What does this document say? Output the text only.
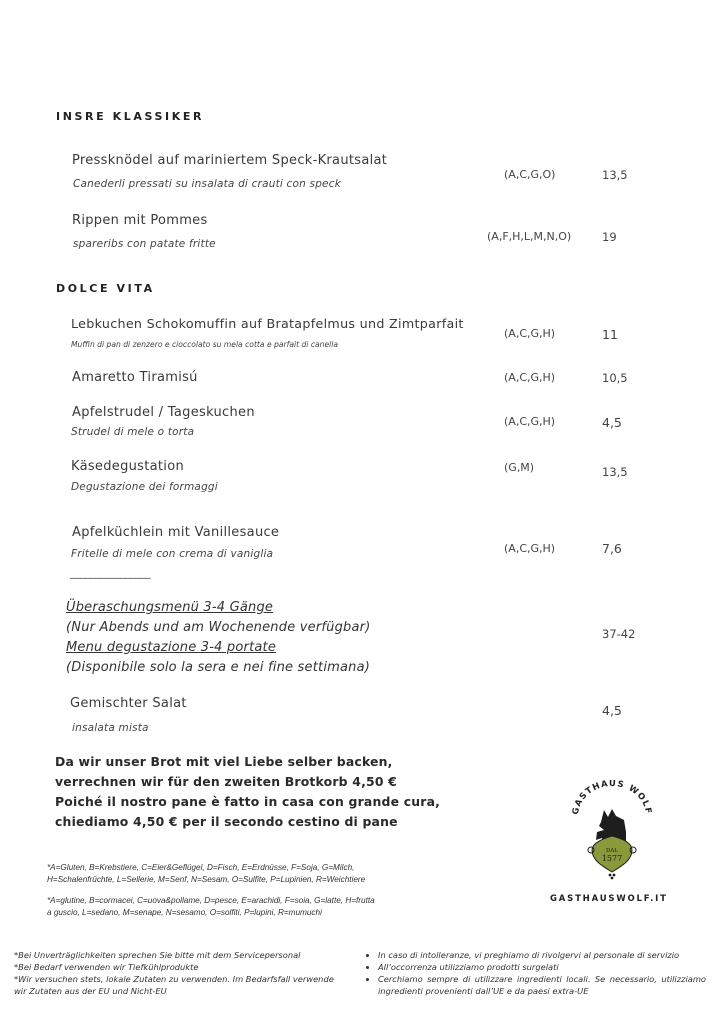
INSRE KLASSIKER
Pressknödel auf mariniertem Speck-Krautsalat
Canederli pressati su insalata di crauti con speck
(A,C,G,O)	13,5
Rippen mit Pommes
spareribs con patate fritte
(A,F,H,L,M,N,O)	19
DOLCE VITA
Lebkuchen Schokomuffin auf Bratapfelmus und Zimtparfait
Muffin di pan di zenzero e cioccolato su mela cotta e parfait di canella
(A,C,G,H)	11
Amaretto Tiramisú	(A,C,G,H)	10,5
Apfelstrudel / Tageskuchen
Strudel di mele o torta
(A,C,G,H)	4,5
Käsedegustation
Degustazione dei formaggi
(G,M)	13,5
Apfelküchlein mit Vanillesauce
Fritelle di mele con crema di vaniglia	(A,C,G,H)	7,6
________________
Überaschungsmenü 3-4 Gänge
(Nur Abends und am Wochenende verfügbar)
Menu degustazione 3-4 portate
(Disponibile solo la sera e nei fine settimana)
37-42
Gemischter Salat
insalata mista
4,5
Da wir unser Brot mit viel Liebe selber backen,
verrechnen wir für den zweiten Brotkorb 4,50 €
Poiché il nostro pane è fatto in casa con grande cura,
chiediamo 4,50 € per il secondo cestino di pane
GASTHAUS WOLF
DAL
1577
GASTHAUSWOLF.IT
*A=Gluten, B=Krebstiere, C=Eier&Geflügel, D=Fisch, E=Erdnüsse, F=Soja, G=Milch,
H=Schalenfrüchte, L=Sellerie, M=Senf, N=Sesam, O=Sulfite, P=Lupinien, R=Weichtiere
*A=glutine, B=cormacei, C=uova&pollame, D=pesce, E=arachidi, F=soia, G=latte, H=frutta
a guscio, L=sedano, M=senape, N=sesamo, O=solfiti, P=lupini, R=mumuchi
*Bei Unverträglichkeiten sprechen Sie bitte mit dem Servicepersonal
*Bei Bedarf verwenden wir Tiefkühlprodukte
*Wir versuchen stets, lokale Zutaten zu verwenden. Im Bedarfsfall verwende
wir Zutaten aus der EU und Nicht-EU
• In caso di intolleranze, vi preghiamo di rivolgervi al personale di servizio
• All’occorrenza utilizziamo prodotti surgelati
• Cerchiamo sempre di utilizzare ingredienti locali. Se necessario, utilizziamo ingredienti provenienti dall’UE e da paesi extra-UE
